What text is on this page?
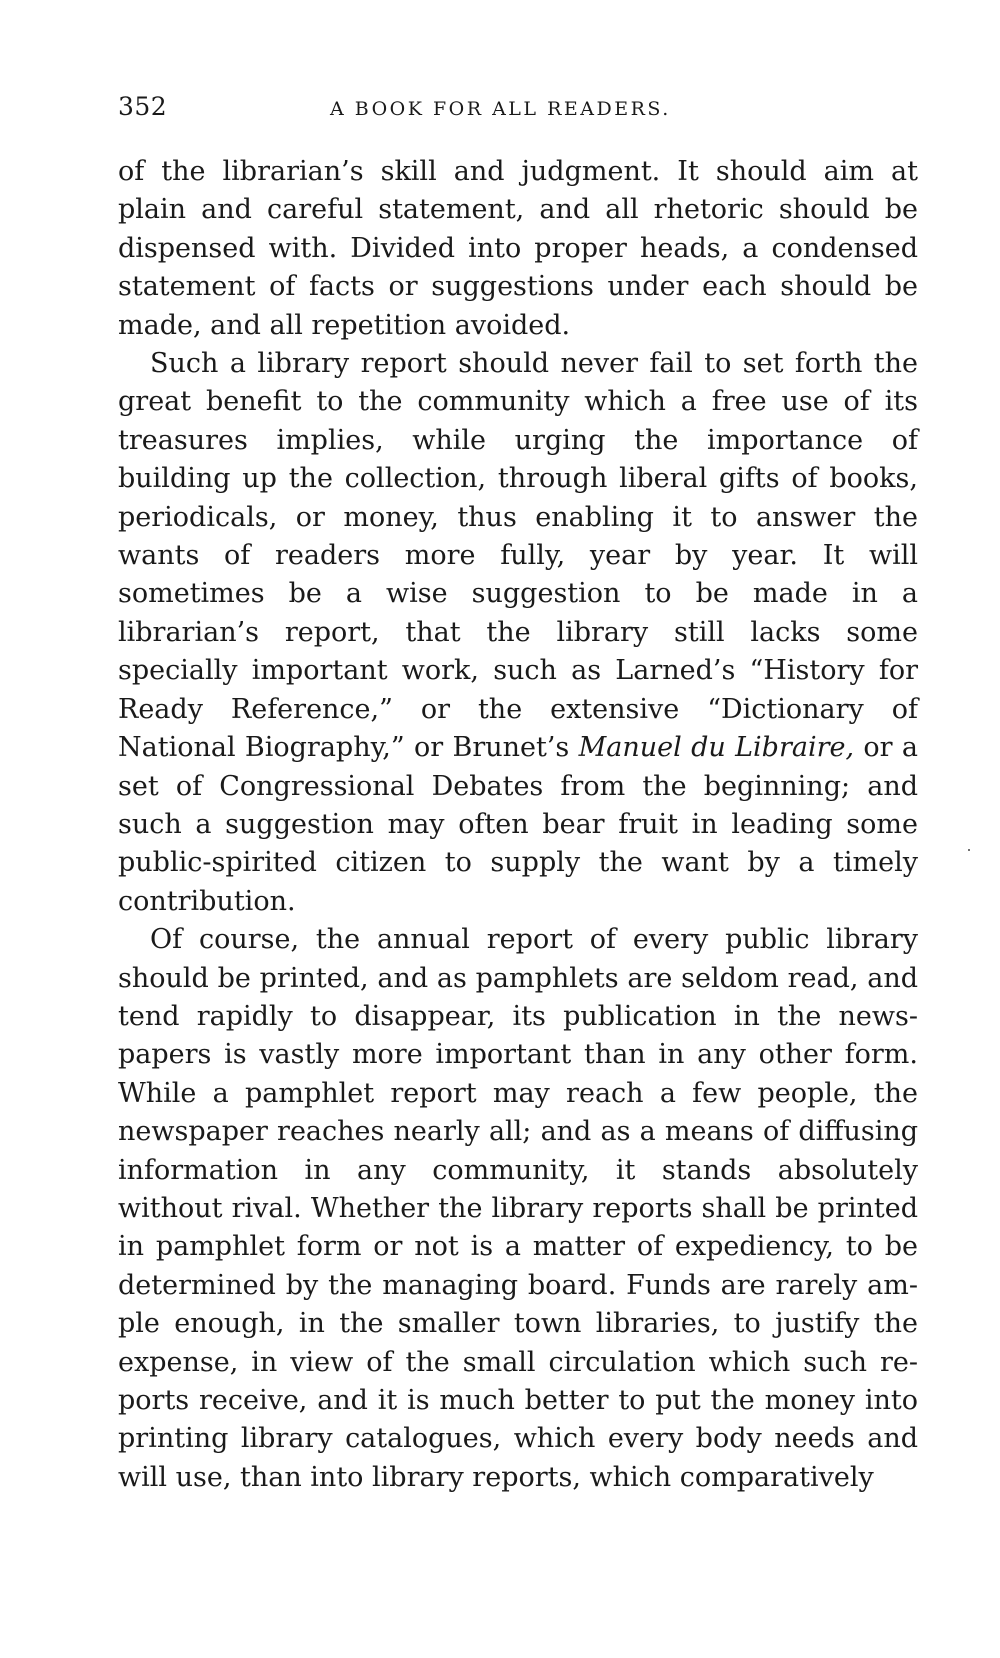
352	A BOOK FOR ALL READERS.

of the librarian’s skill and judgment. It should aim at plain and careful statement, and all rhetoric should be dispensed with. Divided into proper heads, a condensed statement of facts or suggestions under each should be made, and all repetition avoided.

Such a library report should never fail to set forth the great benefit to the community which a free use of its treasures implies, while urging the importance of building up the collection, through liberal gifts of books, periodicals, or money, thus enabling it to answer the wants of readers more fully, year by year. It will sometimes be a wise suggestion to be made in a librarian’s report, that the library still lacks some specially important work, such as Larned’s “History for Ready Reference,” or the extensive “Dictionary of National Biography,” or Brunet’s Manuel du Libraire, or a set of Congressional Debates from the beginning; and such a suggestion may often bear fruit in leading some public-spirited citizen to supply the want by a timely contribution.

Of course, the annual report of every public library should be printed, and as pamphlets are seldom read, and tend rapidly to disappear, its publication in the newspapers is vastly more important than in any other form. While a pamphlet report may reach a few people, the newspaper reaches nearly all; and as a means of diffusing information in any community, it stands absolutely without rival. Whether the library reports shall be printed in pamphlet form or not is a matter of expediency, to be determined by the managing board. Funds are rarely ample enough, in the smaller town libraries, to justify the expense, in view of the small circulation which such reports receive, and it is much better to put the money into printing library catalogues, which every body needs and will use, than into library reports, which comparatively
